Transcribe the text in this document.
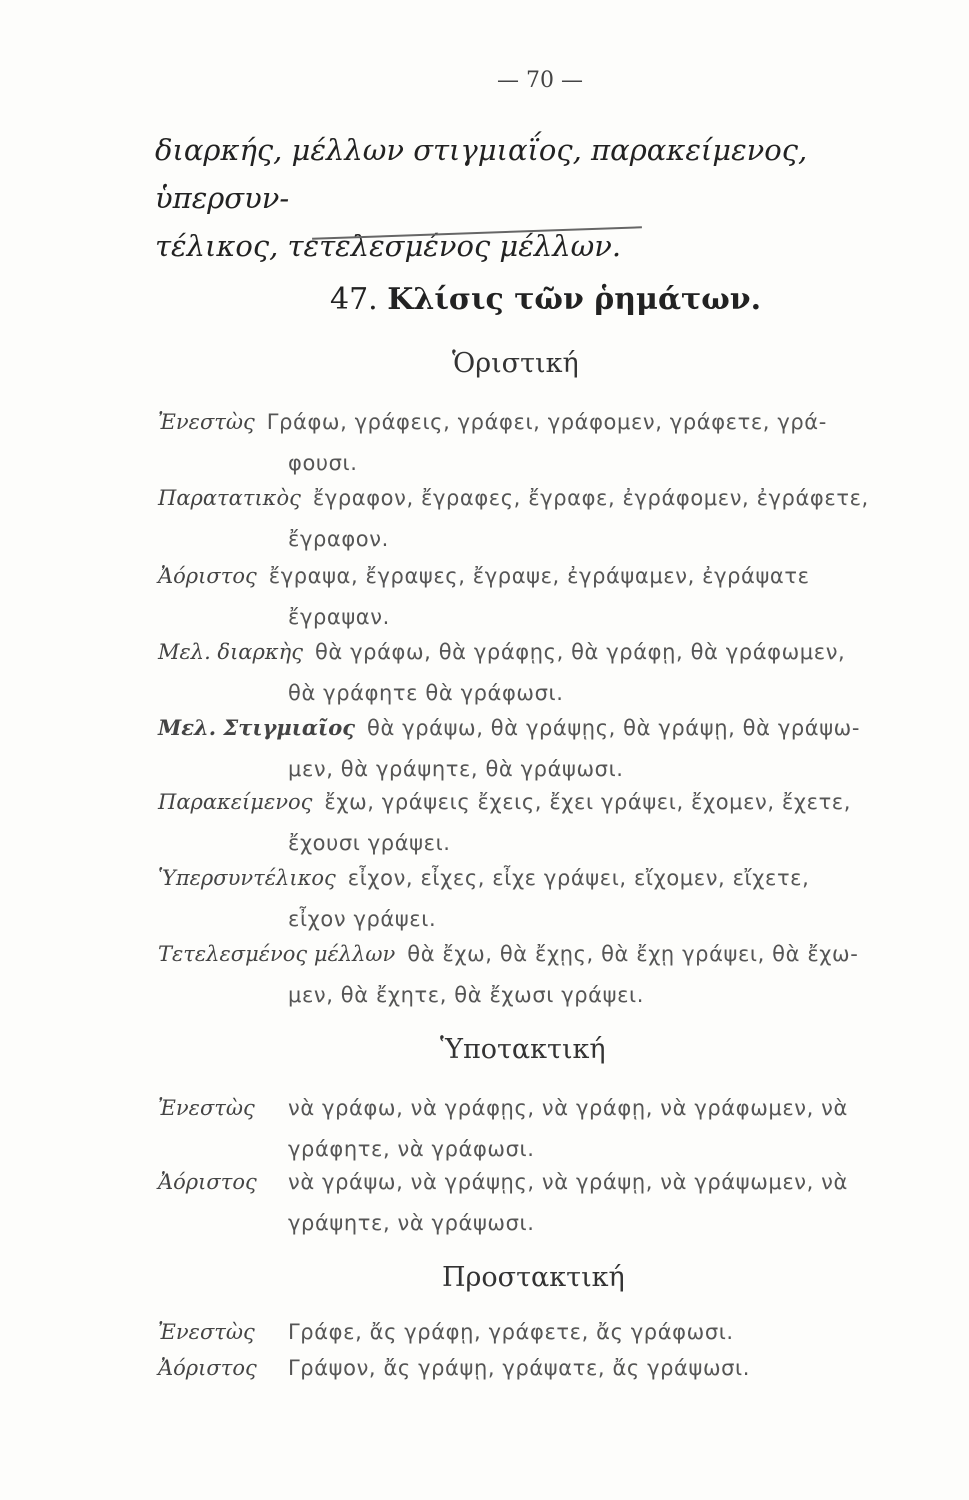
— 70 —
διαρκής, μέλλων στιγμιαΐος, παρακείμενος, ὑπερσυν-
τέλικος, τετελεσμένος μέλλων.
47. Κλίσις τῶν ῥημάτων.
Ὁριστική
Ἐνεστὼς Γράφω, γράφεις, γράφει, γράφομεν, γράφετε, γρά-
φουσι.
Παρατατικὸς ἔγραφον, ἔγραφες, ἔγραφε, ἐγράφομεν, ἐγράφετε,
ἔγραφον.
Ἀόριστος ἔγραψα, ἔγραψες, ἔγραψε, ἐγράψαμεν, ἐγράψατε
ἔγραψαν.
Μελ. διαρκὴς θὰ γράφω, θὰ γράφῃς, θὰ γράφῃ, θὰ γράφωμεν,
θὰ γράφητε θὰ γράφωσι.
Μελ. Στιγμιαῖος θὰ γράψω, θὰ γράψῃς, θὰ γράψῃ, θὰ γράψω-
μεν, θὰ γράψητε, θὰ γράψωσι.
Παρακείμενος ἔχω, γράψεις ἔχεις, ἔχει γράψει, ἔχομεν, ἔχετε,
ἔχουσι γράψει.
Ὑπερσυντέλικος εἶχον, εἶχες, εἶχε γράψει, εἴχομεν, εἴχετε,
εἶχον γράψει.
Τετελεσμένος μέλλων θὰ ἔχω, θὰ ἔχῃς, θὰ ἔχῃ γράψει, θὰ ἔχω-
μεν, θὰ ἔχητε, θὰ ἔχωσι γράψει.
Ὑποτακτική
Ἐνεστὼς νὰ γράφω, νὰ γράφῃς, νὰ γράφῃ, νὰ γράφωμεν, νὰ
γράφητε, νὰ γράφωσι.
Ἀόριστος νὰ γράψω, νὰ γράψῃς, νὰ γράψῃ, νὰ γράψωμεν, νὰ
γράψητε, νὰ γράψωσι.
Προστακτική
Ἐνεστὼς Γράφε, ἄς γράφῃ, γράφετε, ἄς γράφωσι.
Ἀόριστος Γράψον, ἄς γράψῃ, γράψατε, ἄς γράψωσι.
